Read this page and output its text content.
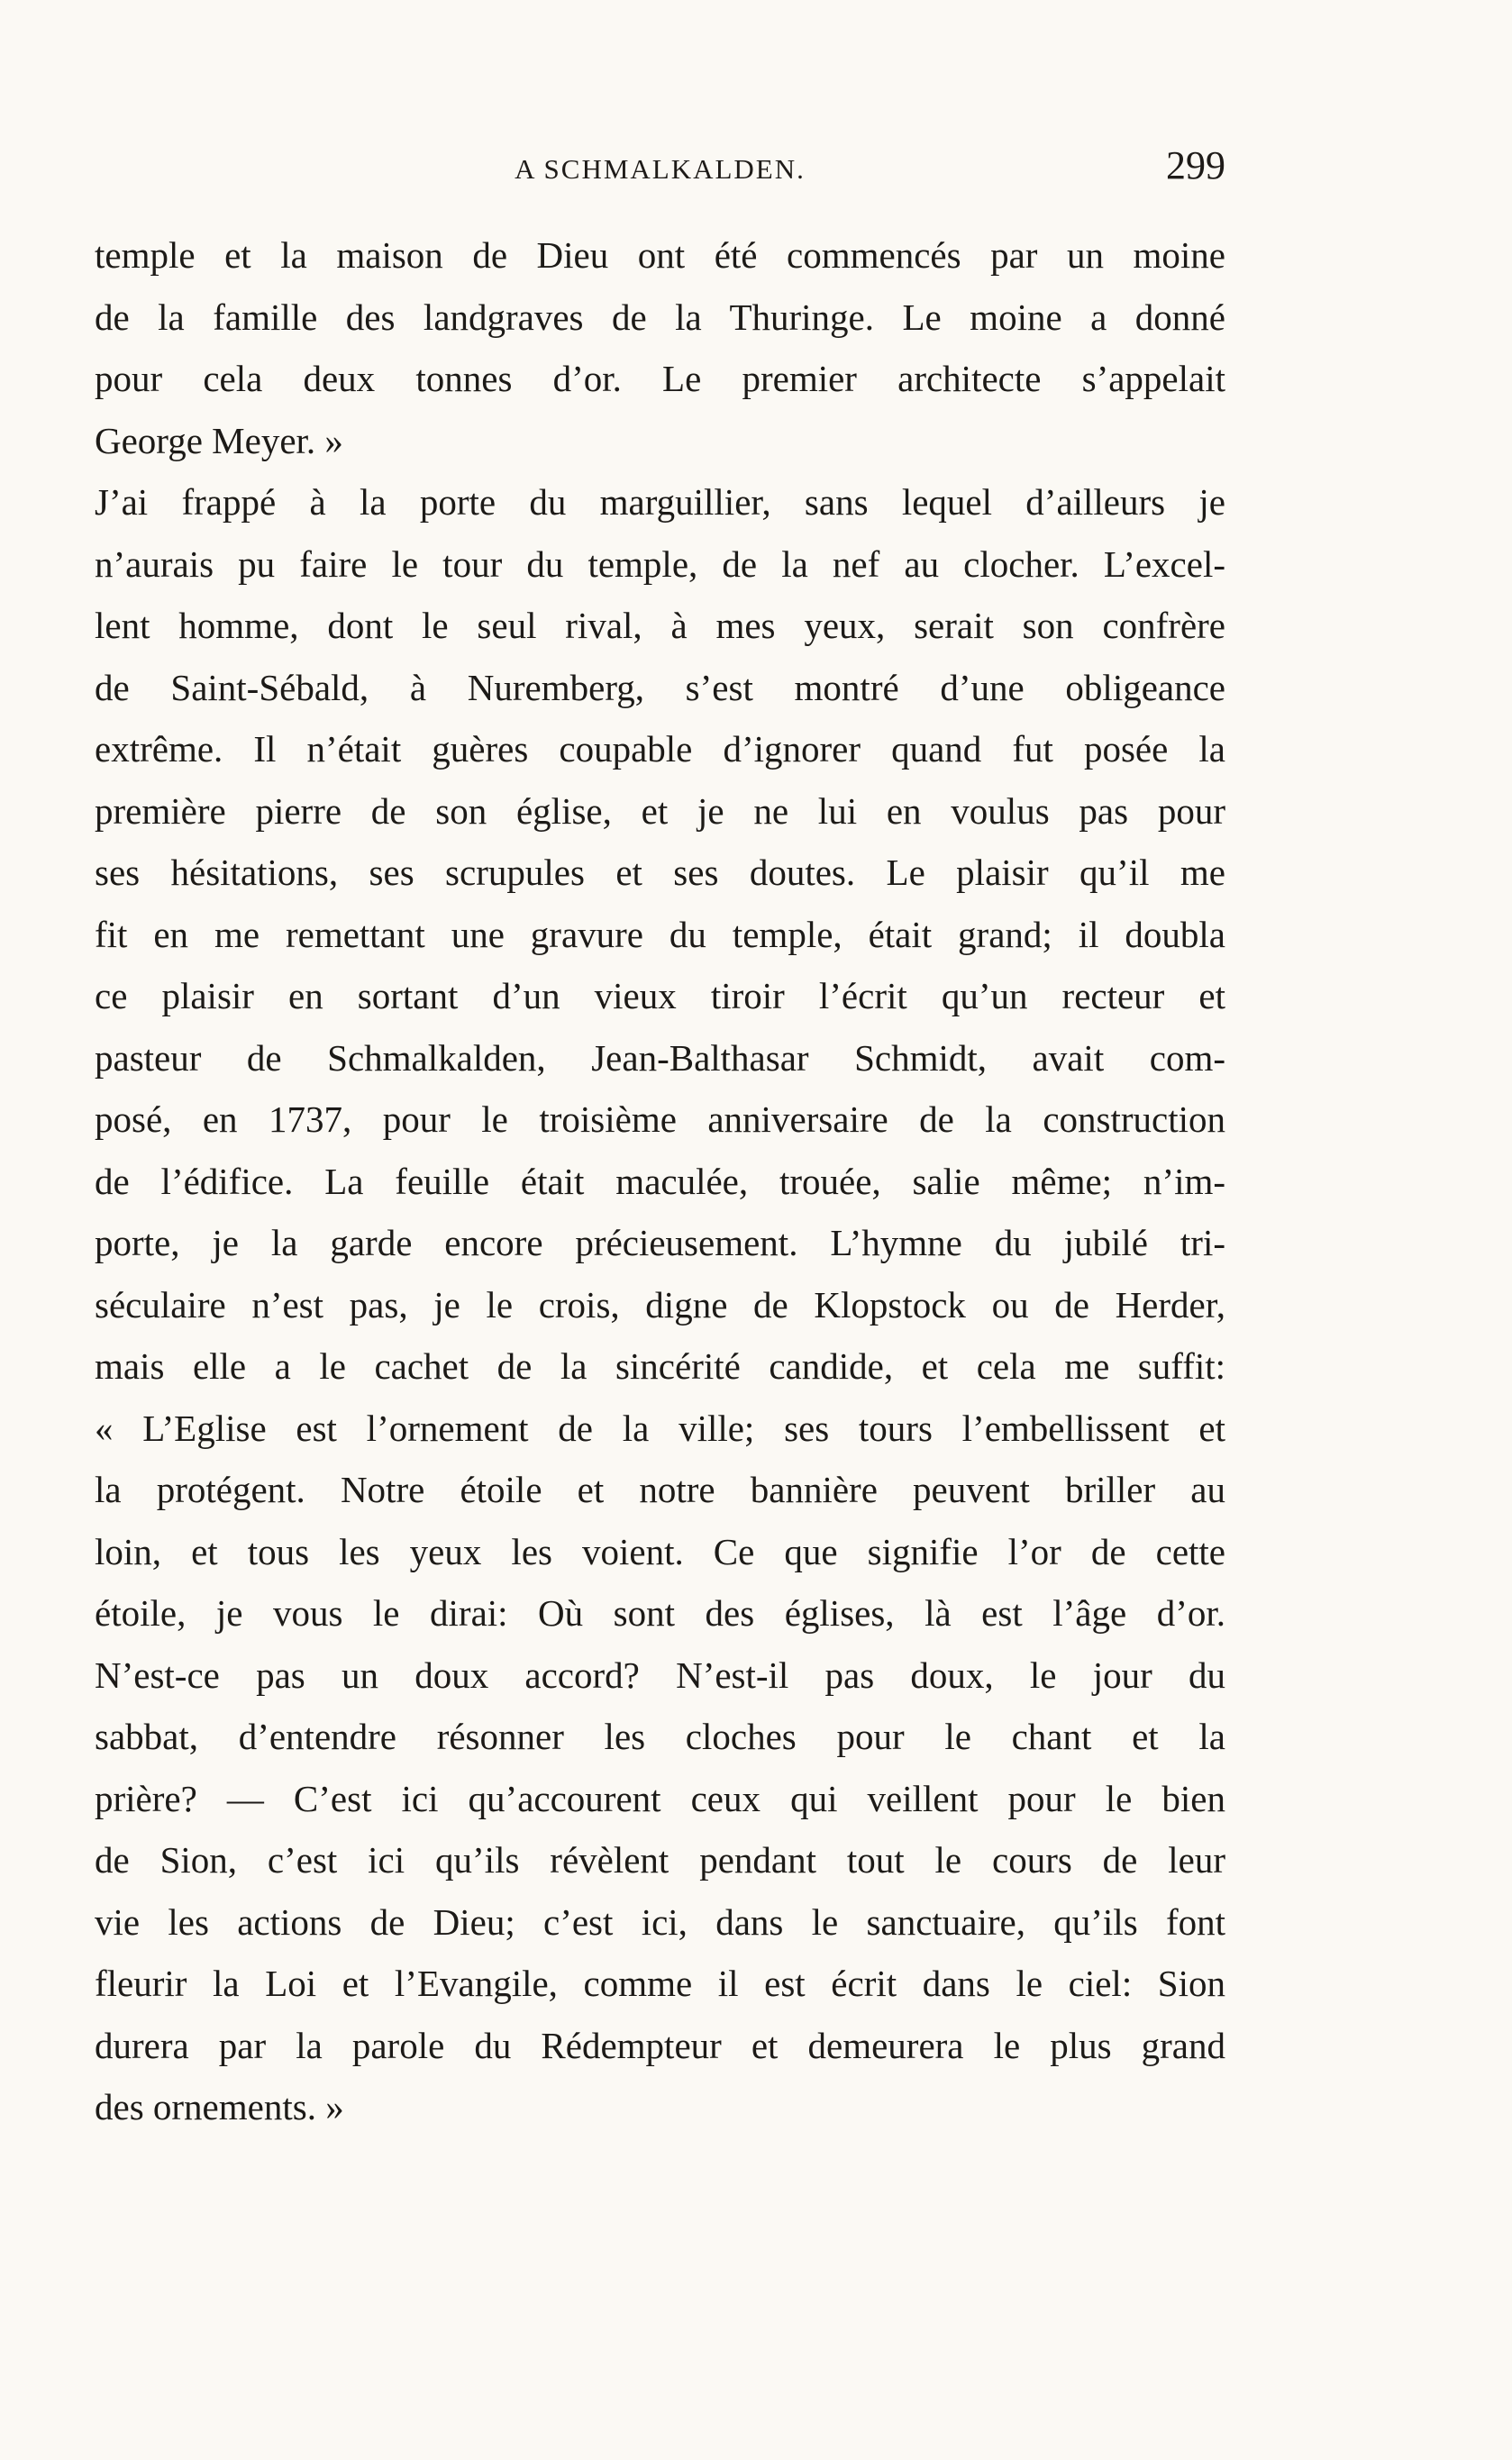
A SCHMALKALDEN.	299
temple et la maison de Dieu ont été commencés par un moine
de la famille des landgraves de la Thuringe. Le moine a donné
pour cela deux tonnes d’or. Le premier architecte s’appelait
George Meyer. »
J’ai frappé à la porte du marguillier, sans lequel d’ailleurs je
n’aurais pu faire le tour du temple, de la nef au clocher. L’excel-
lent homme, dont le seul rival, à mes yeux, serait son confrère
de Saint-Sébald, à Nuremberg, s’est montré d’une obligeance
extrême. Il n’était guères coupable d’ignorer quand fut posée la
première pierre de son église, et je ne lui en voulus pas pour
ses hésitations, ses scrupules et ses doutes. Le plaisir qu’il me
fit en me remettant une gravure du temple, était grand; il doubla
ce plaisir en sortant d’un vieux tiroir l’écrit qu’un recteur et
pasteur de Schmalkalden, Jean-Balthasar Schmidt, avait com-
posé, en 1737, pour le troisième anniversaire de la construction
de l’édifice. La feuille était maculée, trouée, salie même; n’im-
porte, je la garde encore précieusement. L’hymne du jubilé tri-
séculaire n’est pas, je le crois, digne de Klopstock ou de Herder,
mais elle a le cachet de la sincérité candide, et cela me suffit:
« L’Eglise est l’ornement de la ville; ses tours l’embellissent et
la protégent. Notre étoile et notre bannière peuvent briller au
loin, et tous les yeux les voient. Ce que signifie l’or de cette
étoile, je vous le dirai: Où sont des églises, là est l’âge d’or.
N’est-ce pas un doux accord? N’est-il pas doux, le jour du
sabbat, d’entendre résonner les cloches pour le chant et la
prière? — C’est ici qu’accourent ceux qui veillent pour le bien
de Sion, c’est ici qu’ils révèlent pendant tout le cours de leur
vie les actions de Dieu; c’est ici, dans le sanctuaire, qu’ils font
fleurir la Loi et l’Evangile, comme il est écrit dans le ciel: Sion
durera par la parole du Rédempteur et demeurera le plus grand
des ornements. »
